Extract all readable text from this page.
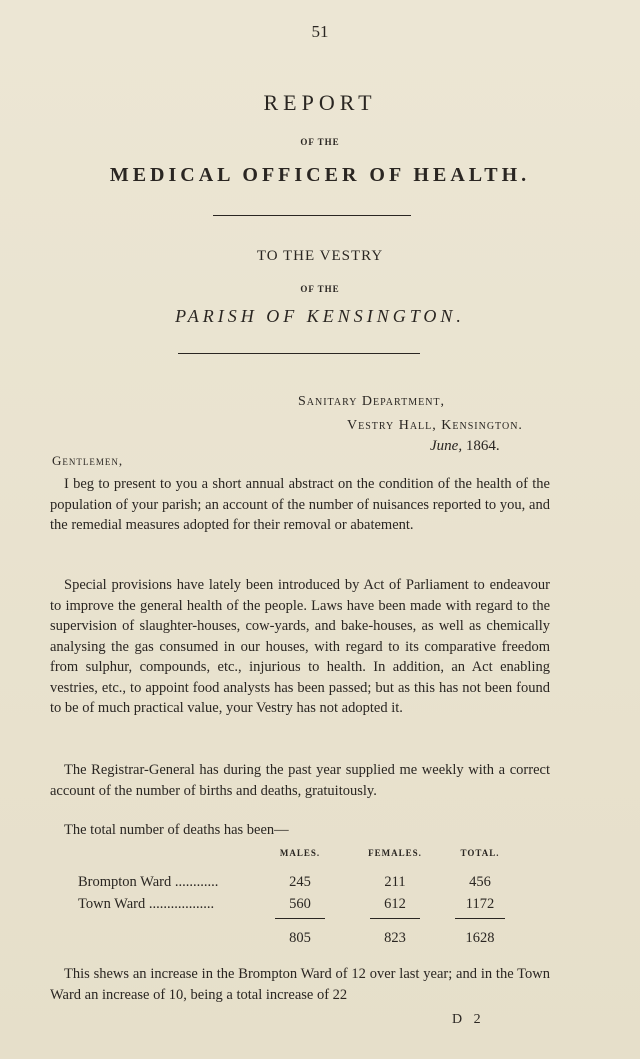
51
REPORT
OF THE
MEDICAL OFFICER OF HEALTH.
TO THE VESTRY
OF THE
PARISH OF KENSINGTON.
Sanitary Department,
Vestry Hall, Kensington.
June, 1864.
Gentlemen,

I beg to present to you a short annual abstract on the condition of the health of the population of your parish; an account of the number of nuisances reported to you, and the remedial measures adopted for their removal or abatement.

Special provisions have lately been introduced by Act of Parliament to endeavour to improve the general health of the people. Laws have been made with regard to the supervision of slaughter-houses, cow-yards, and bake-houses, as well as chemically analysing the gas consumed in our houses, with regard to its comparative freedom from sulphur, compounds, etc., injurious to health. In addition, an Act enabling vestries, etc., to appoint food analysts has been passed; but as this has not been found to be of much practical value, your Vestry has not adopted it.

The Registrar-General has during the past year supplied me weekly with a correct account of the number of births and deaths, gratuitously.

The total number of deaths has been—

MALES.	FEMALES.	TOTAL.
Brompton Ward ............	245	211	456
Town Ward ..................	560	612	1172
805	823	1628

This shews an increase in the Brompton Ward of 12 over last year; and in the Town Ward an increase of 10, being a total increase of 22

D 2
